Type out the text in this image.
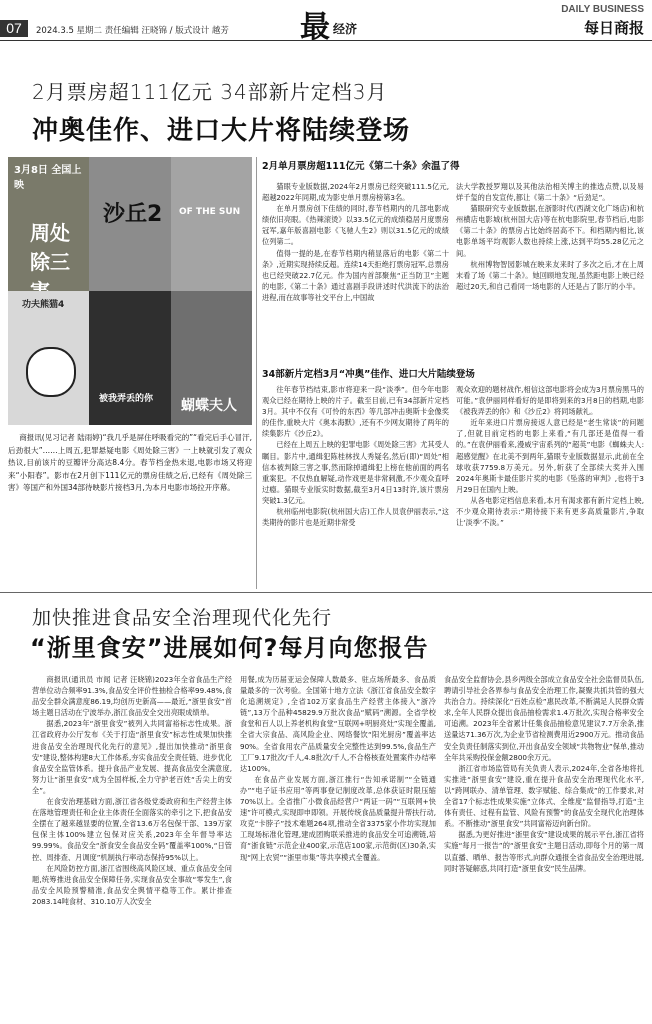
07	2024.3.5 星期二 责任编辑 汪晓锦 / 版式设计 越芳 最 经济
DAILY BUSINESS
每日商报
2月票房超111亿元 34部新片定档3月
冲奥佳作、进口大片将陆续登场
3月8日 全国上映
周处除三
沙丘2 OF THE SUN
功夫熊猫4
被我弄丢的你 蝴蝶夫人
商报讯(见习记者 陆雨婷)“我几乎是屏住呼吸看完的”“看完后手心冒汗,后劲很大”……上周五,犯罪悬疑电影《周处除三害》一上映就引发了观众热议,目前该片的豆瓣评分高达8.4分。春节档金热未退,电影市场又将迎来“小阳春”。影市在2月创下111亿元的票房佳绩之后,已经有《周处除三害》等国产和外国34部待映影片接档3月,为本月电影市场拉开序幕。
2月单月票房超111亿元《第二十条》余温了得

猫眼专业版数据,2024年2月票房已经突破111.5亿元,超越2022年同期,成为影史单月票房榜第3名。

在单月票房创下佳绩的同时,春节档期内的几部电影成绩依旧亮眼。《热辣滚烫》以33.5亿元的成绩稳居月度票房冠军,嘉年版喜剧电影《飞驰人生2》则以31.5亿元的成绩位列第二。

值得一提的是,在春节档期内稍显落后的电影《第二十条》,近期实现持续反超。连续14天拒绝打票房冠军,总票房也已经突破22.7亿元。作为国内首部聚焦“正当防卫”主题的电影,《第二十条》通过喜剧手段讲述时代洪流下的法治进程,而在故事等社交平台上,中国故

法大学教授罗翔以及其他法治相关博主的推选点赞,以及易烊千玺的自发宣传,都让《第二十条》“后劲足”。

猫眼研究专业版数据,在浙影时代(西湖文化广场店)和杭州横店电影城(杭州国大店)等在杭电影院里,春节档后,电影《第二十条》的票房占比始终居高不下。和档期内相比,该电影单场平均观影人数也持续上涨,达到平均55.28亿元之间。

杭州博物智园影城在映来友来时了多次之后,才在上周末看了场《第二十条》。她回顾地发现,虽然距电影上映已经超过20天,和自己看同一场电影的人还是占了影厅的小半。

34部新片定档3月“冲奥”佳作、进口大片陆续登场

往年春节档结束,影市将迎来一段“淡季”。但今年电影观众已经在期待上映的片子。截至目前,已有34部新片定档3月。其中不仅有《可怜的东西》等几部冲击奥斯卡金像奖的佳作,重映大片《奥本海默》,还有不少网友期待了两年的续集影片《沙丘2》。

已经在上周五上映的犯罪电影《周处除三害》尤其受人瞩目。影片中,通缉犯陈桂林找人秀疑名,然后(即)“周处”相信本被判除三害之事,然而除掉通缉犯上榜在他前面的两名重案犯。不仅热血解疑,动作戏更是非常刺激,不少观众直呼过瘾。猫眼专业版实时数据,截至3月4日13时许,该片票房突破1.3亿元。

杭州临州电影院(杭州国大店)工作人员袁伊丽表示,“这类期待的影片也是近期非常受

观众欢迎的题材战作,相信这部电影将会成为3月票房黑马的可能。”袁伊丽同样看好的是即将到来的3月8日的档期,电影《被我弄丢的你》和《沙丘2》将同场献礼。

近年来进口片票房接返人意已经是“老生常谈”的问题了,但就目前定档的电影上来看,“有几部还是值得一看的。”在袁伊丽看来,漫威宇宙系列的“超英”电影《蜘蛛夫人:超感觉醒》在北美不到两年,猫眼专业版数据显示,此前在全球收获7759.8万美元。另外,斩获了全部续大奖并入围2024年奥斯卡最佳影片奖的电影《坠落的审判》,也将于3月29日在国内上映。

从各电影定档信息来看,本月有渴求都有新片定档上映,不少观众期待表示:“期待接下来有更多高质量影片,争取让‘淡季’不淡。”

加快推进食品安全治理现代化先行
“浙里食安”进展如何?每月向您报告

商报讯(通讯员 市闻 记者 汪晓锦)2023年全省食品生产经营单位动合频率91.3%,食品安全评价性抽检合格率99.48%,食品安全群众满意度86.19,均创历史新高——最近,“浙里食安”首场主题日活动在宁波举办,浙江食品安全交出亮眼成绩单。

据悉,2023年“浙里食安”被列入共同富裕标志性成果。浙江省政府办公厅发布《关于打造“浙里食安”标志性成果加快推进食品安全治理现代化先行的意见》,提出加快推动“浙里食安”建设,整体构建8大工作体系,夯实食品安全责任链、进步优化食品安全监管体系。提升食品产业发展、提高食品安全满意度,努力让“浙里食安”成为全国样板,全力守护老百姓“舌尖上的安全”。

在食安治理基础方面,浙江省各级党委政府和生产经营主体在落地管理责任和企业主体责任全面落实的牵引之下,把食品安全摆在了越来越显要的位置,全省13.6万名包保干部、139万家包保主体100%建立包保对应关系,2023年全年督导率达99.99%。食品安全“浙食安全食品安全码”覆盖率100%,“日管控、周排查、月调度”机制执行率动态保持95%以上。

在风险防控方面,浙江省围绕高风险区域、重点食品安全问题,统筹推进食品安全保障任务,实现食品安全事故“零发生”,食品安全风险预警精准,食品安全舆情平稳等工作。累计排查2083.14吨食材、310.10万人次安全

用餐,成为历届亚运会保障人数最多、驻点场所最多、食品质量最多的一次考验。全国第十地方立法《浙江省食品安全数字化追溯规定》,全省102万家食品生产经营主体接入“浙冷链”,13万个品种45829.9万批次食品“赋码”溯源。全省学校食堂和百人以上养老机构食堂“互联网+明厨亮灶”实现全覆盖,全省大宗食品、高风险企业、网络餐饮“阳光厨房”覆盖率达90%。全省食用农产品质量安全完整性达到99.5%,食品生产工厂9.17批次/千人,4.8批次/千人,不合格核查处置案件办结率达100%。

在食品产业发展方面,浙江推行“告知承诺制”“全链通办”“电子证书应用”等两事登记制度改革,总体获证时限压缩70%以上。全省推广小微食品经营户“两证一码”“互联网+快速”许可模式,实现即申即领。开展传统食品质量提升帮扶行动,攻克“卡脖子”技术难题264项,推动全省3375家小作坊实现加工现场标准化管理,建成团购联采推进的食品安全可追溯链,培育“浙食链”示范企业400家,示范店100家,示范街(区)30条,实现“网上农贸”“浙里市集”等共享模式全覆盖。

食品安全监督协会,县乡两级全部成立食品安全社会监督员队伍,聘请引导社会各界参与食品安全治理工作,凝聚共抓共管的强大共治合力。持续深化“百姓点检”惠民改革,不断满足人民群众需求,全年人民群众提出食品抽检需求1.4万批次,实现合格率安全可追溯。2023年全省累计任集食品抽检意见建议7.7万余条,推送量达71.36万次,为企业节省检测费用近2900万元。推动食品安全负责任制落实到位,开出食品安全领域“共物物业”保单,推动全年共采购投保金额2800余万元。

浙江省市场监管局有关负责人表示,2024年,全省各地将扎实推进“浙里食安”建设,重在提升食品安全治理现代化水平,以“跨网联办、清单管理、数字赋能、综合集成”的工作要求,对全省17个标志性成果实施“立体式、全维度”监督指导,打造“主体有责任、过程有监管、风险有预警”的食品安全现代化治理体系。不断推动“浙里食安”共同富裕迈向新台阶。

据悉,为更好推进“浙里食安”建设成果的展示平台,浙江省将实施“每月一报告”的“浙里食安”主题日活动,即每个月的第一周以直播、晒单、报告等形式,向群众通报全省食品安全治理进展,同时答疑解惑,共同打造“浙里食安”民生品牌。
